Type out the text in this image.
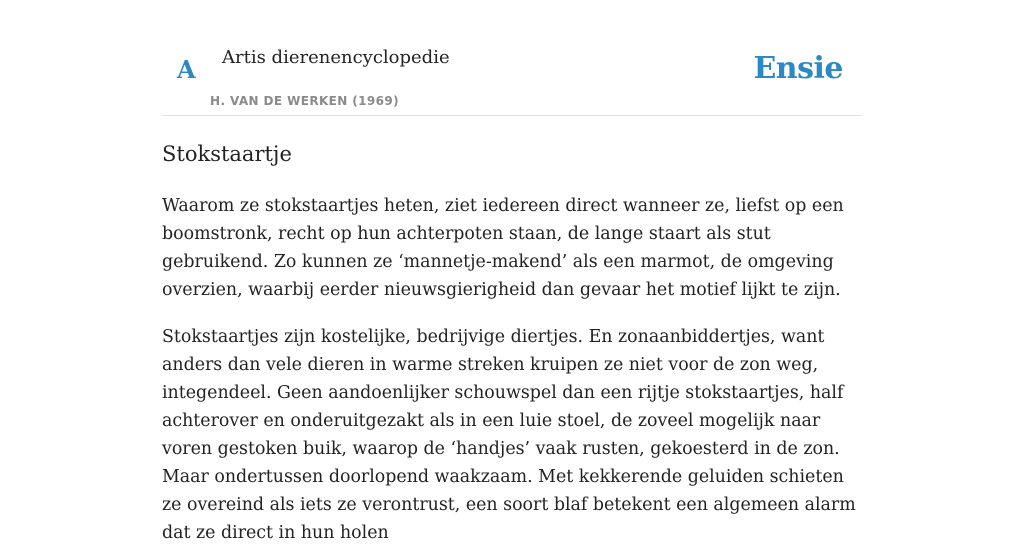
A Artis dierenencyclopedie
H. VAN DE WERKEN (1969)
Ensie
Stokstaartje

Waarom ze stokstaartjes heten, ziet iedereen direct wanneer ze, liefst op een boomstronk, recht op hun achterpoten staan, de lange staart als stut gebruikend. Zo kunnen ze ‘mannetje-makend’ als een marmot, de omgeving overzien, waarbij eerder nieuwsgierigheid dan gevaar het motief lijkt te zijn.

Stokstaartjes zijn kostelijke, bedrijvige diertjes. En zonaanbiddertjes, want anders dan vele dieren in warme streken kruipen ze niet voor de zon weg, integendeel. Geen aandoenlijker schouwspel dan een rijtje stokstaartjes, half achterover en onderuitgezakt als in een luie stoel, de zoveel mogelijk naar voren gestoken buik, waarop de ‘handjes’ vaak rusten, gekoesterd in de zon. Maar ondertussen doorlopend waakzaam. Met kekkerende geluiden schieten ze overeind als iets ze verontrust, een soort blaf betekent een algemeen alarm dat ze direct in hun holen
